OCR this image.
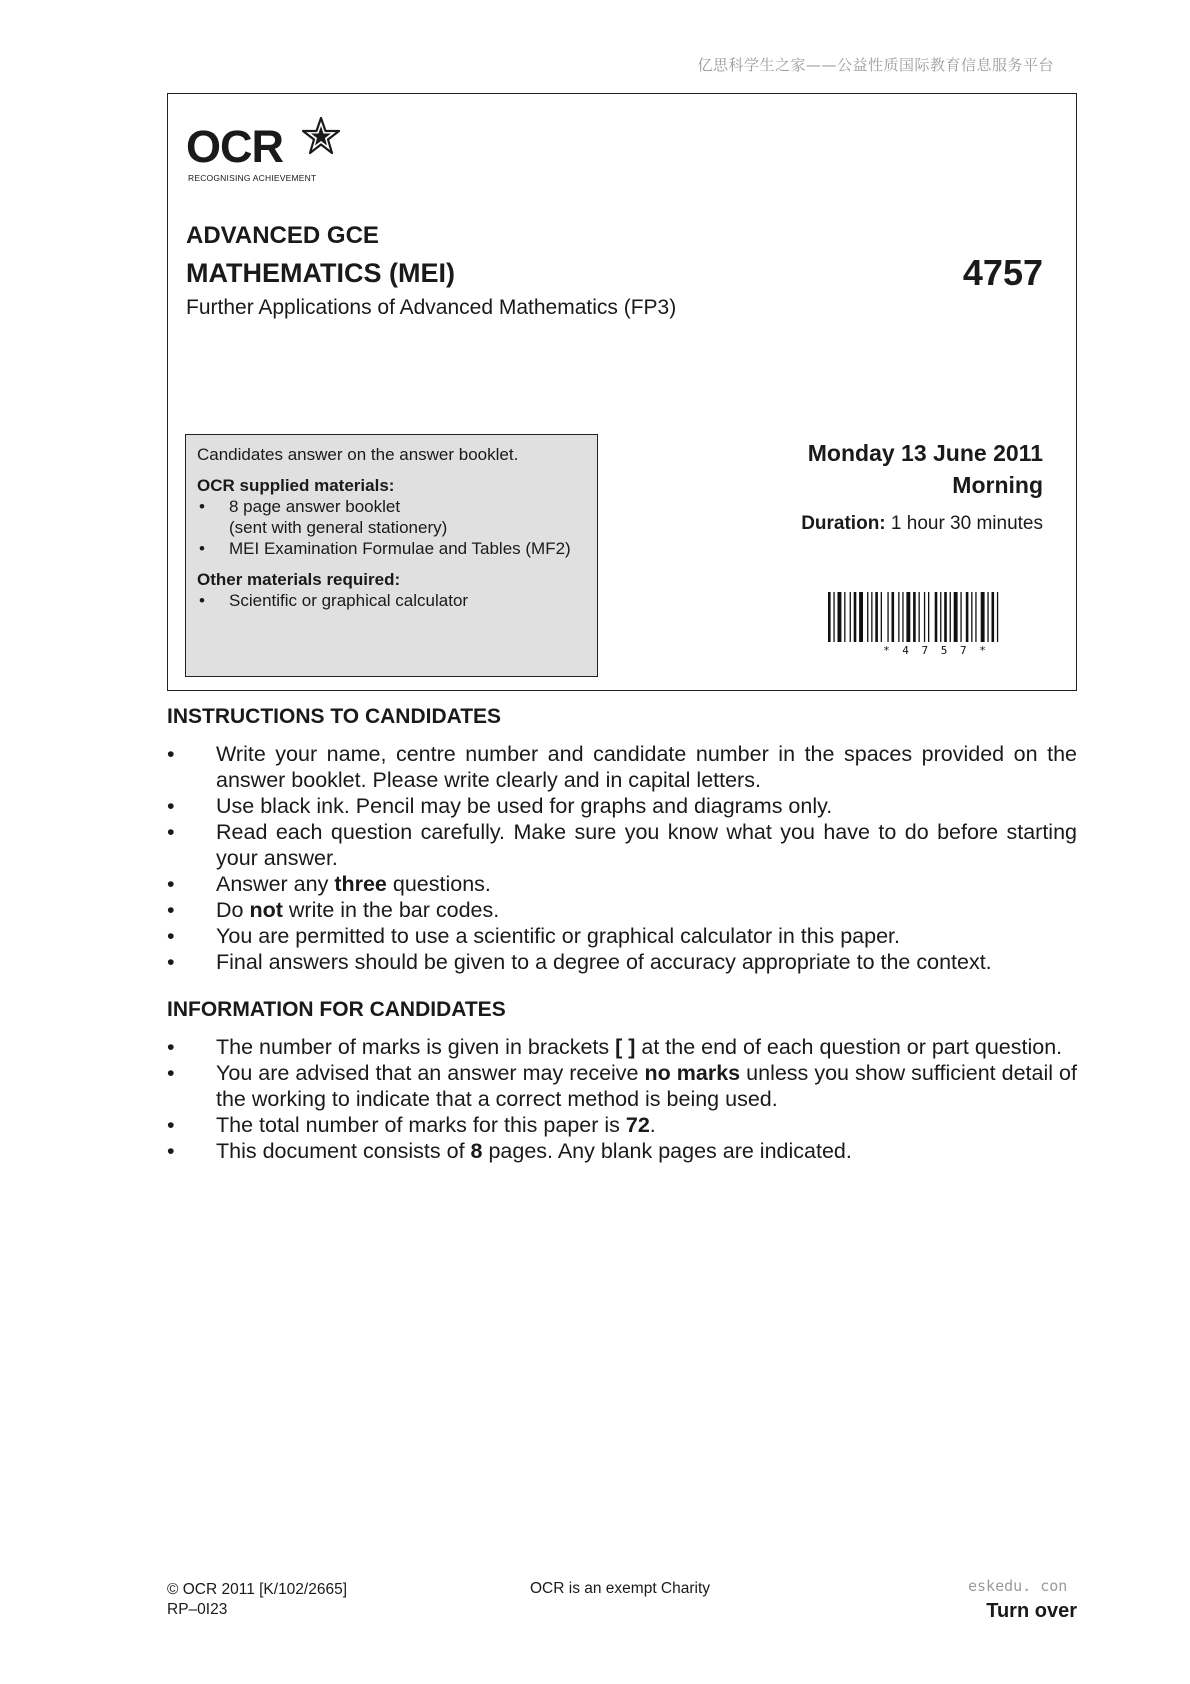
亿思科学生之家——公益性质国际教育信息服务平台
OCR
RECOGNISING ACHIEVEMENT
ADVANCED GCE
MATHEMATICS (MEI)	4757
Further Applications of Advanced Mathematics (FP3)
Candidates answer on the answer booklet.
OCR supplied materials:
• 8 page answer booklet
(sent with general stationery)
• MEI Examination Formulae and Tables (MF2)
Other materials required:
• Scientific or graphical calculator
Monday 13 June 2011
Morning
Duration: 1 hour 30 minutes
* 4 7 5 7 *
INSTRUCTIONS TO CANDIDATES
• Write your name, centre number and candidate number in the spaces provided on the answer booklet. Please write clearly and in capital letters.
• Use black ink. Pencil may be used for graphs and diagrams only.
• Read each question carefully. Make sure you know what you have to do before starting your answer.
• Answer any three questions.
• Do not write in the bar codes.
• You are permitted to use a scientific or graphical calculator in this paper.
• Final answers should be given to a degree of accuracy appropriate to the context.
INFORMATION FOR CANDIDATES
• The number of marks is given in brackets [ ] at the end of each question or part question.
• You are advised that an answer may receive no marks unless you show sufficient detail of the working to indicate that a correct method is being used.
• The total number of marks for this paper is 72.
• This document consists of 8 pages. Any blank pages are indicated.
© OCR 2011 [K/102/2665]
RP–0I23
OCR is an exempt Charity	eskedu. con
Turn over
